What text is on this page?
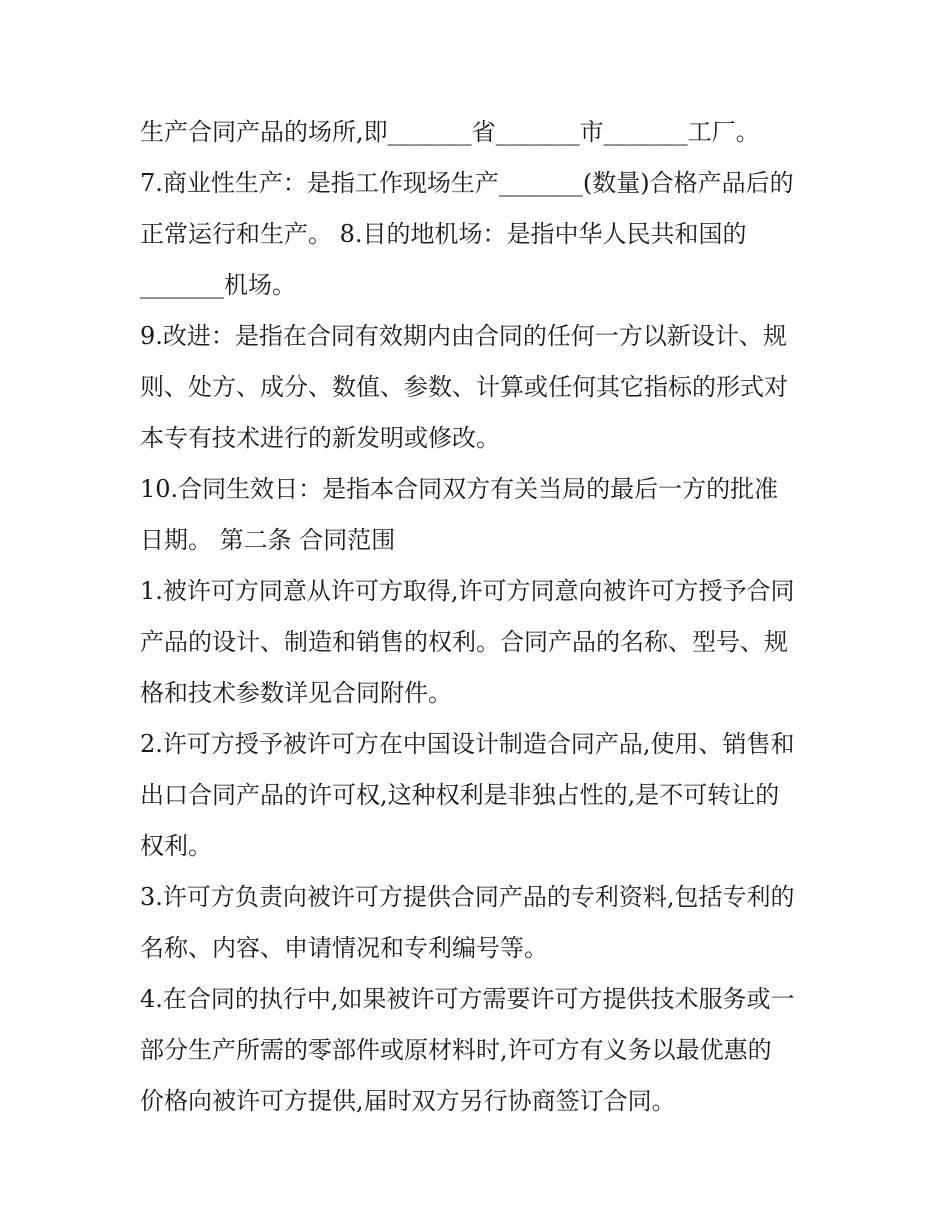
生产合同产品的场所,即_______省_______市_______工厂。
7.商业性生产：是指工作现场生产_______(数量)合格产品后的
正常运行和生产。 8.目的地机场：是指中华人民共和国的
_______机场。
9.改进：是指在合同有效期内由合同的任何一方以新设计、规
则、处方、成分、数值、参数、计算或任何其它指标的形式对
本专有技术进行的新发明或修改。
10.合同生效日：是指本合同双方有关当局的最后一方的批准
日期。 第二条 合同范围
1.被许可方同意从许可方取得,许可方同意向被许可方授予合同
产品的设计、制造和销售的权利。合同产品的名称、型号、规
格和技术参数详见合同附件。
2.许可方授予被许可方在中国设计制造合同产品,使用、销售和
出口合同产品的许可权,这种权利是非独占性的,是不可转让的
权利。
3.许可方负责向被许可方提供合同产品的专利资料,包括专利的
名称、内容、申请情况和专利编号等。
4.在合同的执行中,如果被许可方需要许可方提供技术服务或一
部分生产所需的零部件或原材料时,许可方有义务以最优惠的
价格向被许可方提供,届时双方另行协商签订合同。
